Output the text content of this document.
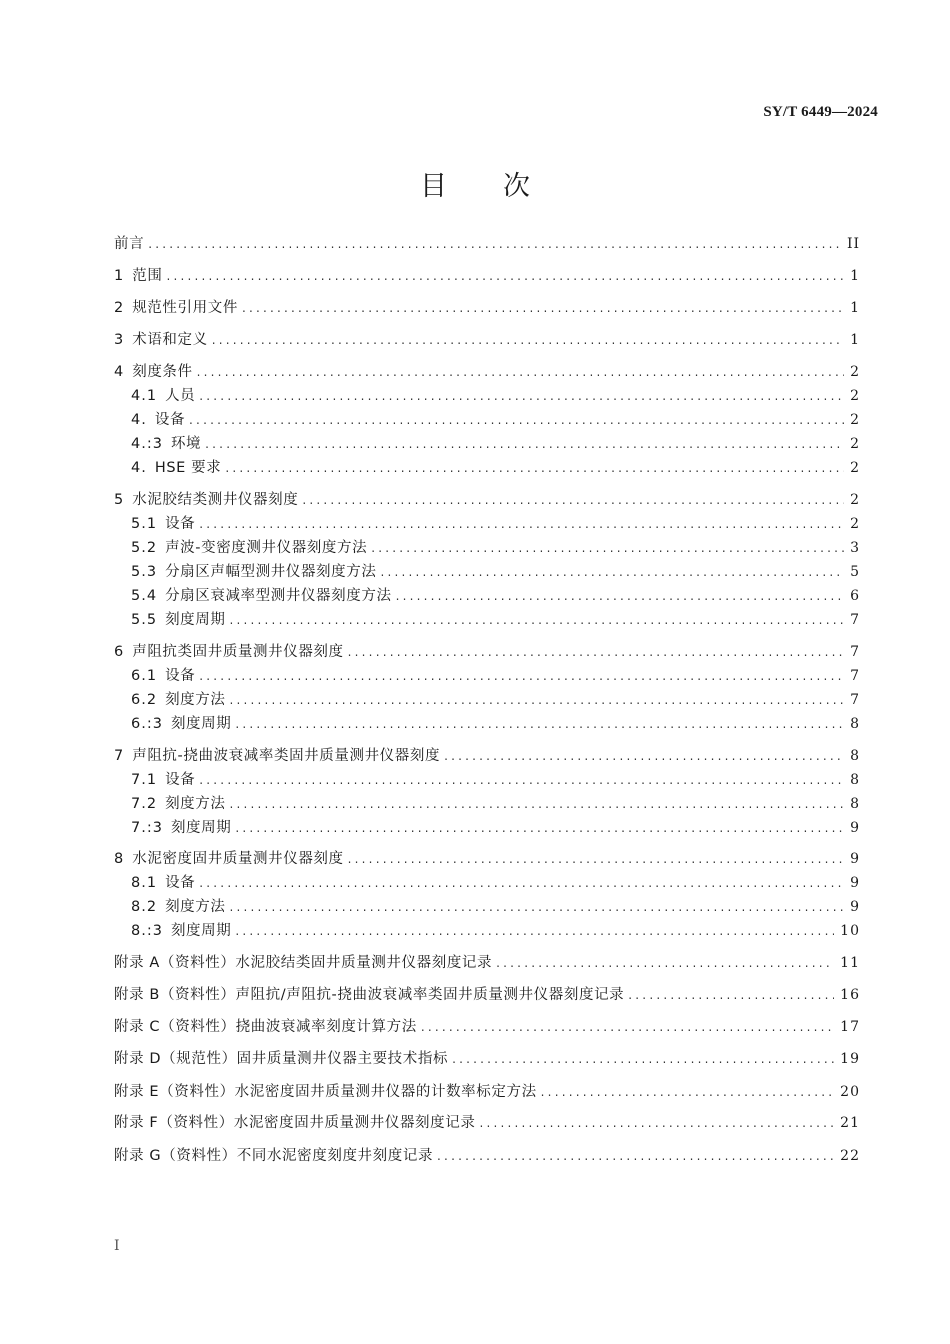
SY/T 6449—2024
目次
前言 .....	II
1 范围 .....	1
2 规范性引用文件 .....	1
3 术语和定义 .....	1
4 刻度条件 .....	2
4.1 人员 .....	2
4. 设备 .....	2
4.:3 环境 .....	2
4. HSE 要求 .....	2
5 水泥胶结类测井仪器刻度 .....	2
5.1 设备 .....	2
5.2 声波-变密度测井仪器刻度方法 .....	3
5.3 分扇区声幅型测井仪器刻度方法 .....	5
5.4 分扇区衰减率型测井仪器刻度方法 .....	6
5.5 刻度周期 .....	7
6 声阻抗类固井质量测井仪器刻度 .....	7
6.1 设备 .....	7
6.2 刻度方法 .....	7
6.:3 刻度周期 .....	8
7 声阻抗-挠曲波衰减率类固井质量测井仪器刻度 .....	8
7.1 设备 .....	8
7.2 刻度方法 .....	8
7.:3 刻度周期 .....	9
8 水泥密度固井质量测井仪器刻度 .....	9
8.1 设备 .....	9
8.2 刻度方法 .....	9
8.:3 刻度周期 .....	10
附录 A（资料性）水泥胶结类固井质量测井仪器刻度记录 .....	11
附录 B（资料性）声阻抗/声阻抗-挠曲波衰减率类固井质量测井仪器刻度记录 .....	16
附录 C（资料性）挠曲波衰减率刻度计算方法 .....	17
附录 D（规范性）固井质量测井仪器主要技术指标 .....	19
附录 E（资料性）水泥密度固井质量测井仪器的计数率标定方法 .....	20
附录 F（资料性）水泥密度固井质量测井仪器刻度记录 .....	21
附录 G（资料性）不同水泥密度刻度井刻度记录 .....	22
I
